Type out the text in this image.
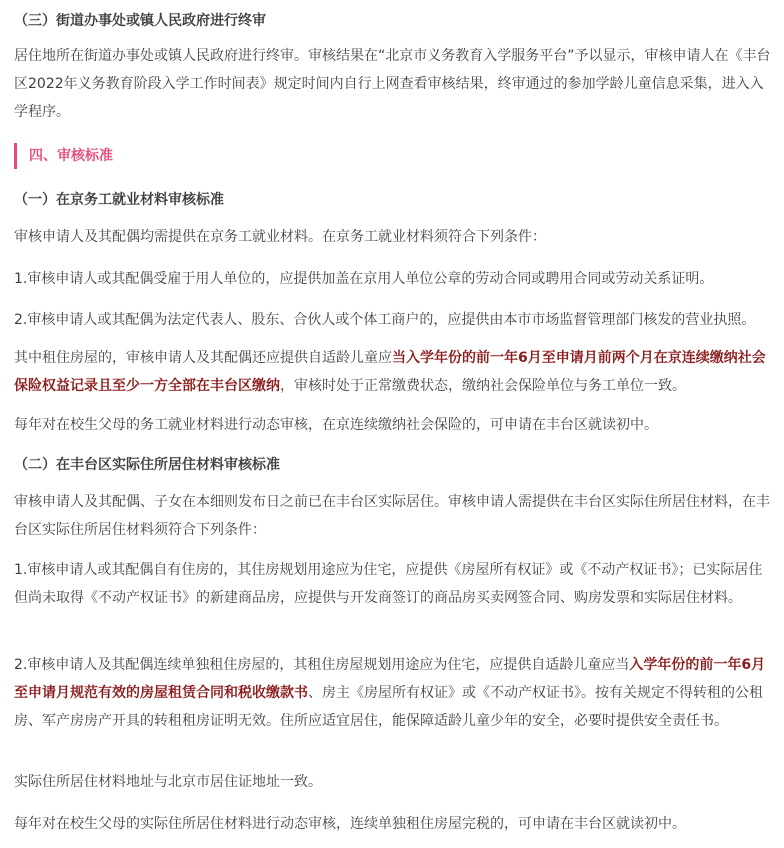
（三）街道办事处或镇人民政府进行终审

居住地所在街道办事处或镇人民政府进行终审。审核结果在“北京市义务教育入学服务平台”予以显示，审核申请人在《丰台区2022年义务教育阶段入学工作时间表》规定时间内自行上网查看审核结果，终审通过的参加学龄儿童信息采集，进入入学程序。

四、审核标准

（一）在京务工就业材料审核标准

审核申请人及其配偶均需提供在京务工就业材料。在京务工就业材料须符合下列条件：

1.审核申请人或其配偶受雇于用人单位的，应提供加盖在京用人单位公章的劳动合同或聘用合同或劳动关系证明。

2.审核申请人或其配偶为法定代表人、股东、合伙人或个体工商户的，应提供由本市市场监督管理部门核发的营业执照。

其中租住房屋的，审核申请人及其配偶还应提供自适龄儿童应当入学年份的前一年6月至申请月前两个月在京连续缴纳社会保险权益记录且至少一方全部在丰台区缴纳，审核时处于正常缴费状态，缴纳社会保险单位与务工单位一致。

每年对在校生父母的务工就业材料进行动态审核，在京连续缴纳社会保险的，可申请在丰台区就读初中。

（二）在丰台区实际住所居住材料审核标准

审核申请人及其配偶、子女在本细则发布日之前已在丰台区实际居住。审核申请人需提供在丰台区实际住所居住材料，在丰台区实际住所居住材料须符合下列条件：

1.审核申请人或其配偶自有住房的，其住房规划用途应为住宅，应提供《房屋所有权证》或《不动产权证书》；已实际居住但尚未取得《不动产权证书》的新建商品房，应提供与开发商签订的商品房买卖网签合同、购房发票和实际居住材料。

2.审核申请人及其配偶连续单独租住房屋的，其租住房屋规划用途应为住宅，应提供自适龄儿童应当入学年份的前一年6月至申请月规范有效的房屋租赁合同和税收缴款书、房主《房屋所有权证》或《不动产权证书》。按有关规定不得转租的公租房、军产房房产开具的转租租房证明无效。住所应适宜居住，能保障适龄儿童少年的安全，必要时提供安全责任书。

实际住所居住材料地址与北京市居住证地址一致。

每年对在校生父母的实际住所居住材料进行动态审核，连续单独租住房屋完税的，可申请在丰台区就读初中。
